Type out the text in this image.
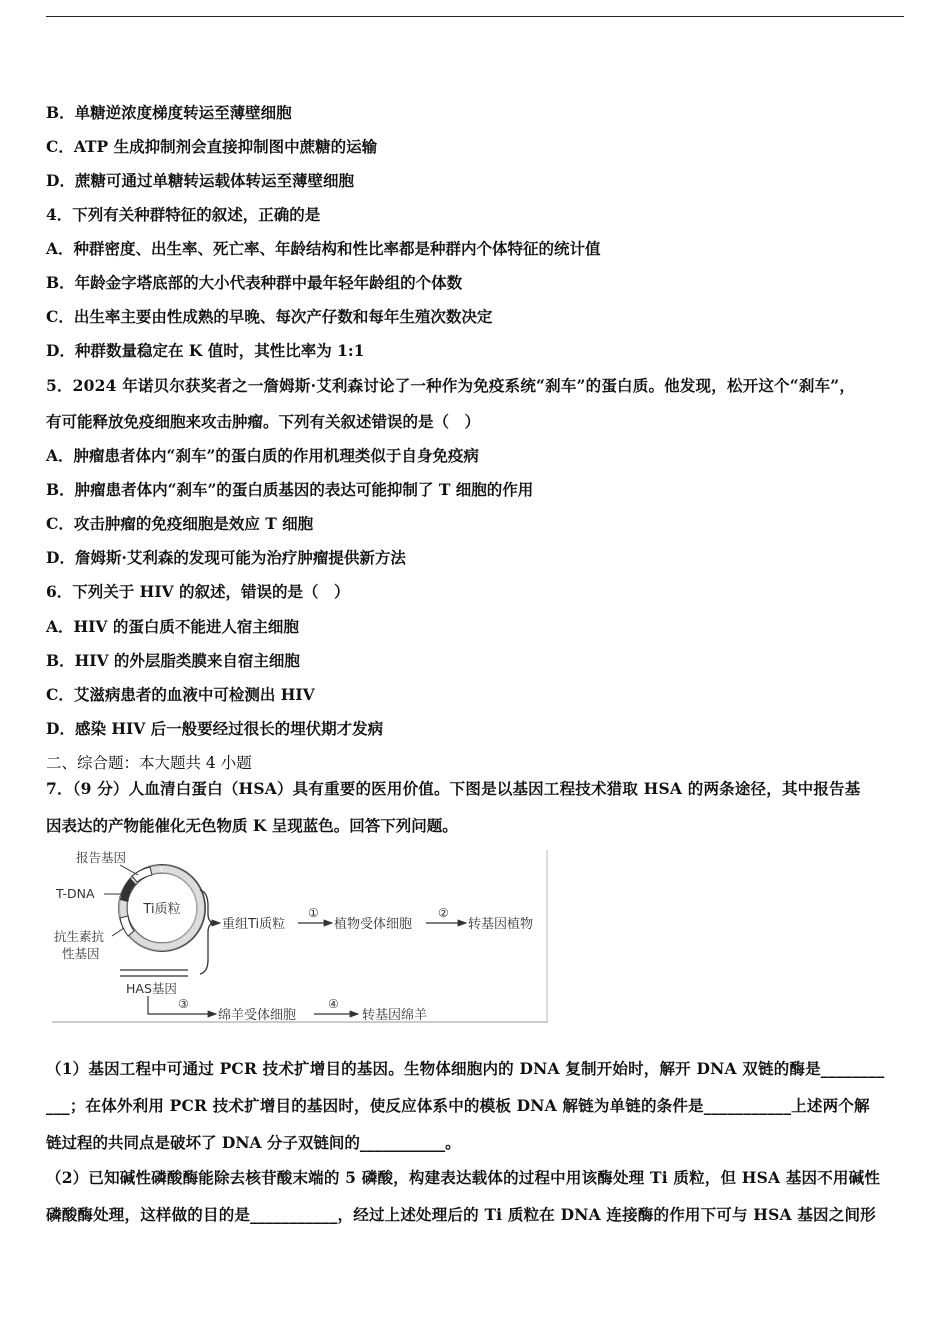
B．单糖逆浓度梯度转运至薄壁细胞
C．ATP 生成抑制剂会直接抑制图中蔗糖的运输
D．蔗糖可通过单糖转运载体转运至薄壁细胞
4．下列有关种群特征的叙述，正确的是
A．种群密度、出生率、死亡率、年龄结构和性比率都是种群内个体特征的统计值
B．年龄金字塔底部的大小代表种群中最年轻年龄组的个体数
C．出生率主要由性成熟的早晚、每次产仔数和每年生殖次数决定
D．种群数量稳定在 K 值时，其性比率为 1:1
5．2024 年诺贝尔获奖者之一詹姆斯·艾利森讨论了一种作为免疫系统“刹车”的蛋白质。他发现，松开这个“刹车”，
有可能释放免疫细胞来攻击肿瘤。下列有关叙述错误的是（　）
A．肿瘤患者体内“刹车”的蛋白质的作用机理类似于自身免疫病
B．肿瘤患者体内“刹车”的蛋白质基因的表达可能抑制了 T 细胞的作用
C．攻击肿瘤的免疫细胞是效应 T 细胞
D．詹姆斯·艾利森的发现可能为治疗肿瘤提供新方法
6．下列关于 HIV 的叙述，错误的是（　）
A．HIV 的蛋白质不能进人宿主细胞
B．HIV 的外层脂类膜来自宿主细胞
C．艾滋病患者的血液中可检测出 HIV
D．感染 HIV 后一般要经过很长的埋伏期才发病
二、综合题：本大题共 4 小题
7．（9 分）人血清白蛋白（HSA）具有重要的医用价值。下图是以基因工程技术猎取 HSA 的两条途径，其中报告基
因表达的产物能催化无色物质 K 呈现蓝色。回答下列问题。
Ti质粒
报告基因
T-DNA
抗生素抗
性基因
HAS基因
重组Ti质粒
①
植物受体细胞
②
转基因植物
③
绵羊受体细胞
④
转基因绵羊
（1）基因工程中可通过 PCR 技术扩增目的基因。生物体细胞内的 DNA 复制开始时，解开 DNA 双链的酶是________
___；在体外利用 PCR 技术扩增目的基因时，使反应体系中的模板 DNA 解链为单链的条件是___________上述两个解
链过程的共同点是破坏了 DNA 分子双链间的___________。
（2）已知碱性磷酸酶能除去核苷酸末端的 5 磷酸，构建表达载体的过程中用该酶处理 Ti 质粒，但 HSA 基因不用碱性
磷酸酶处理，这样做的目的是___________，经过上述处理后的 Ti 质粒在 DNA 连接酶的作用下可与 HSA 基因之间形
